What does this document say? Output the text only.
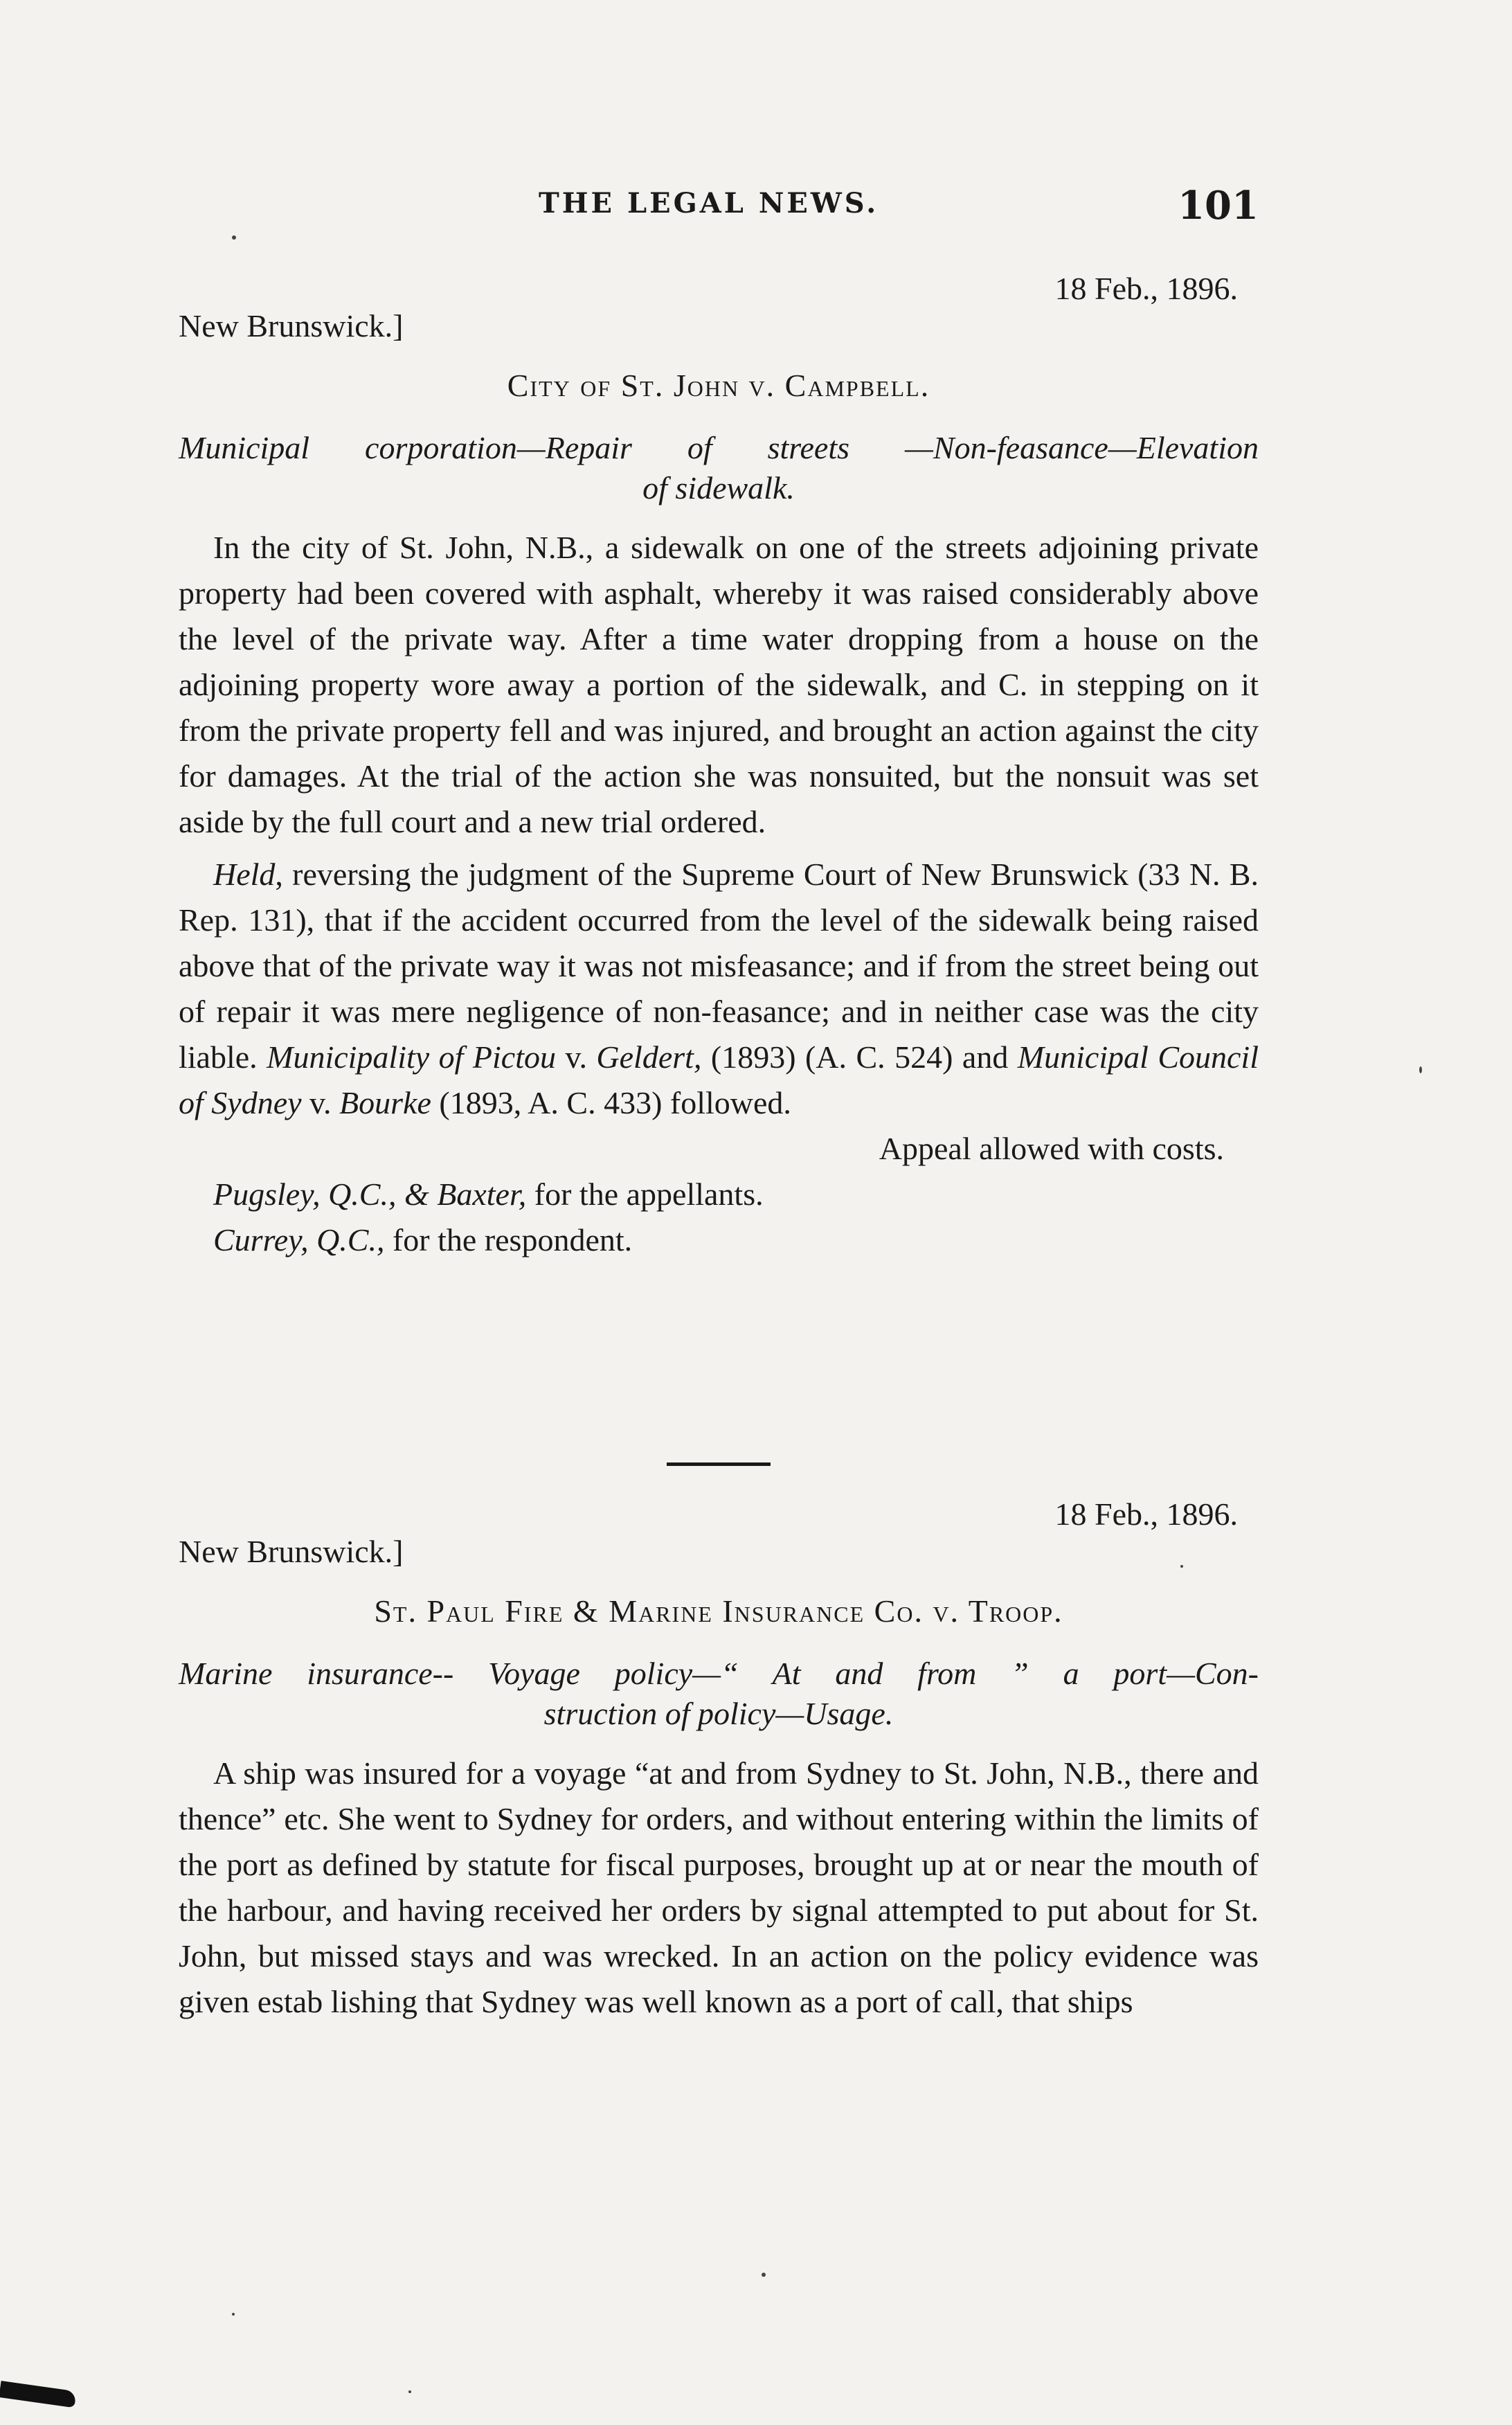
THE LEGAL NEWS.	101
18 Feb., 1896.
New Brunswick.]
City of St. John v. Campbell.
Municipal corporation—Repair of streets —Non-feasance—Elevation
of sidewalk.

In the city of St. John, N.B., a sidewalk on one of the streets adjoining private property had been covered with asphalt, whereby it was raised considerably above the level of the private way. After a time water dropping from a house on the adjoining property wore away a portion of the sidewalk, and C. in stepping on it from the private property fell and was injured, and brought an action against the city for damages. At the trial of the action she was nonsuited, but the nonsuit was set aside by the full court and a new trial ordered.

Held, reversing the judgment of the Supreme Court of New Brunswick (33 N. B. Rep. 131), that if the accident occurred from the level of the sidewalk being raised above that of the private way it was not misfeasance; and if from the street being out of repair it was mere negligence of non-feasance; and in neither case was the city liable. Municipality of Pictou v. Geldert, (1893) (A. C. 524) and Municipal Council of Sydney v. Bourke (1893, A. C. 433) followed.

Appeal allowed with costs.

Pugsley, Q.C., & Baxter, for the appellants.

Currey, Q.C., for the respondent.

18 Feb., 1896.
New Brunswick.]
St. Paul Fire & Marine Insurance Co. v. Troop.
Marine insurance-- Voyage policy—“ At and from ” a port—Con-
struction of policy—Usage.

A ship was insured for a voyage “at and from Sydney to St. John, N.B., there and thence” etc. She went to Sydney for orders, and without entering within the limits of the port as defined by statute for fiscal purposes, brought up at or near the mouth of the harbour, and having received her orders by signal attempted to put about for St. John, but missed stays and was wrecked. In an action on the policy evidence was given estab lishing that Sydney was well known as a port of call, that ships
